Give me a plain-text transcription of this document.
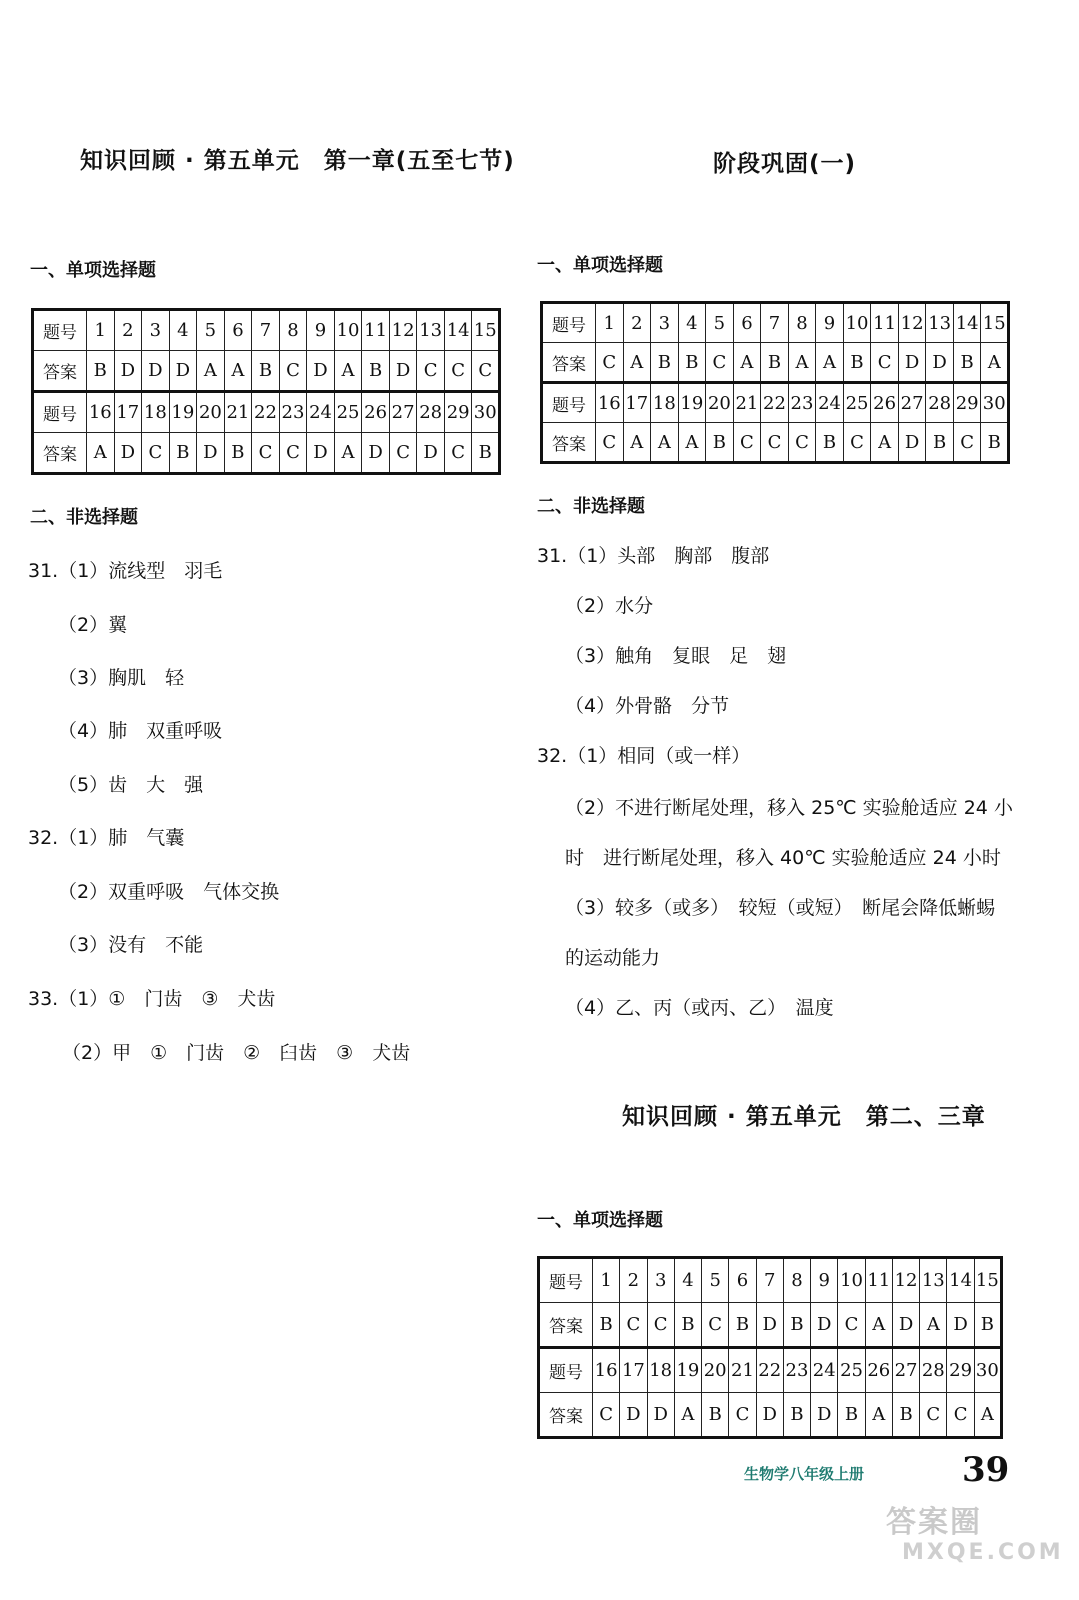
知识回顾 · 第五单元　第一章(五至七节)
一、单项选择题
题号	1	2	3	4	5	6	7	8	9	10	11	12	13	14	15
答案	B	D	D	D	A	A	B	C	D	A	B	D	C	C	C
题号	16	17	18	19	20	21	22	23	24	25	26	27	28	29	30
答案	A	D	C	B	D	B	C	C	D	A	D	C	D	C	B
二、非选择题
31.（1）流线型　羽毛
（2）翼
（3）胸肌　轻
（4）肺　双重呼吸
（5）齿　大　强
32.（1）肺　气囊
（2）双重呼吸　气体交换
（3）没有　不能
33.（1）①　门齿　③　犬齿
（2）甲　①　门齿　②　臼齿　③　犬齿
阶段巩固(一)
一、单项选择题
题号	1	2	3	4	5	6	7	8	9	10	11	12	13	14	15
答案	C	A	B	B	C	A	B	A	A	B	C	D	D	B	A
题号	16	17	18	19	20	21	22	23	24	25	26	27	28	29	30
答案	C	A	A	A	B	C	C	C	B	C	A	D	B	C	B
二、非选择题
31.（1）头部　胸部　腹部
（2）水分
（3）触角　复眼　足　翅
（4）外骨骼　分节
32.（1）相同（或一样）
（2）不进行断尾处理，移入 25℃ 实验舱适应 24 小
时　进行断尾处理，移入 40℃ 实验舱适应 24 小时
（3）较多（或多）　较短（或短）　断尾会降低蜥蜴
的运动能力
（4）乙、丙（或丙、乙）　温度
知识回顾 · 第五单元　第二、三章
一、单项选择题
题号	1	2	3	4	5	6	7	8	9	10	11	12	13	14	15
答案	B	C	C	B	C	B	D	B	D	C	A	D	A	D	B
题号	16	17	18	19	20	21	22	23	24	25	26	27	28	29	30
答案	C	D	D	A	B	C	D	B	D	B	A	B	C	C	A
生物学八年级上册	39
答案圈
MXQE.COM
